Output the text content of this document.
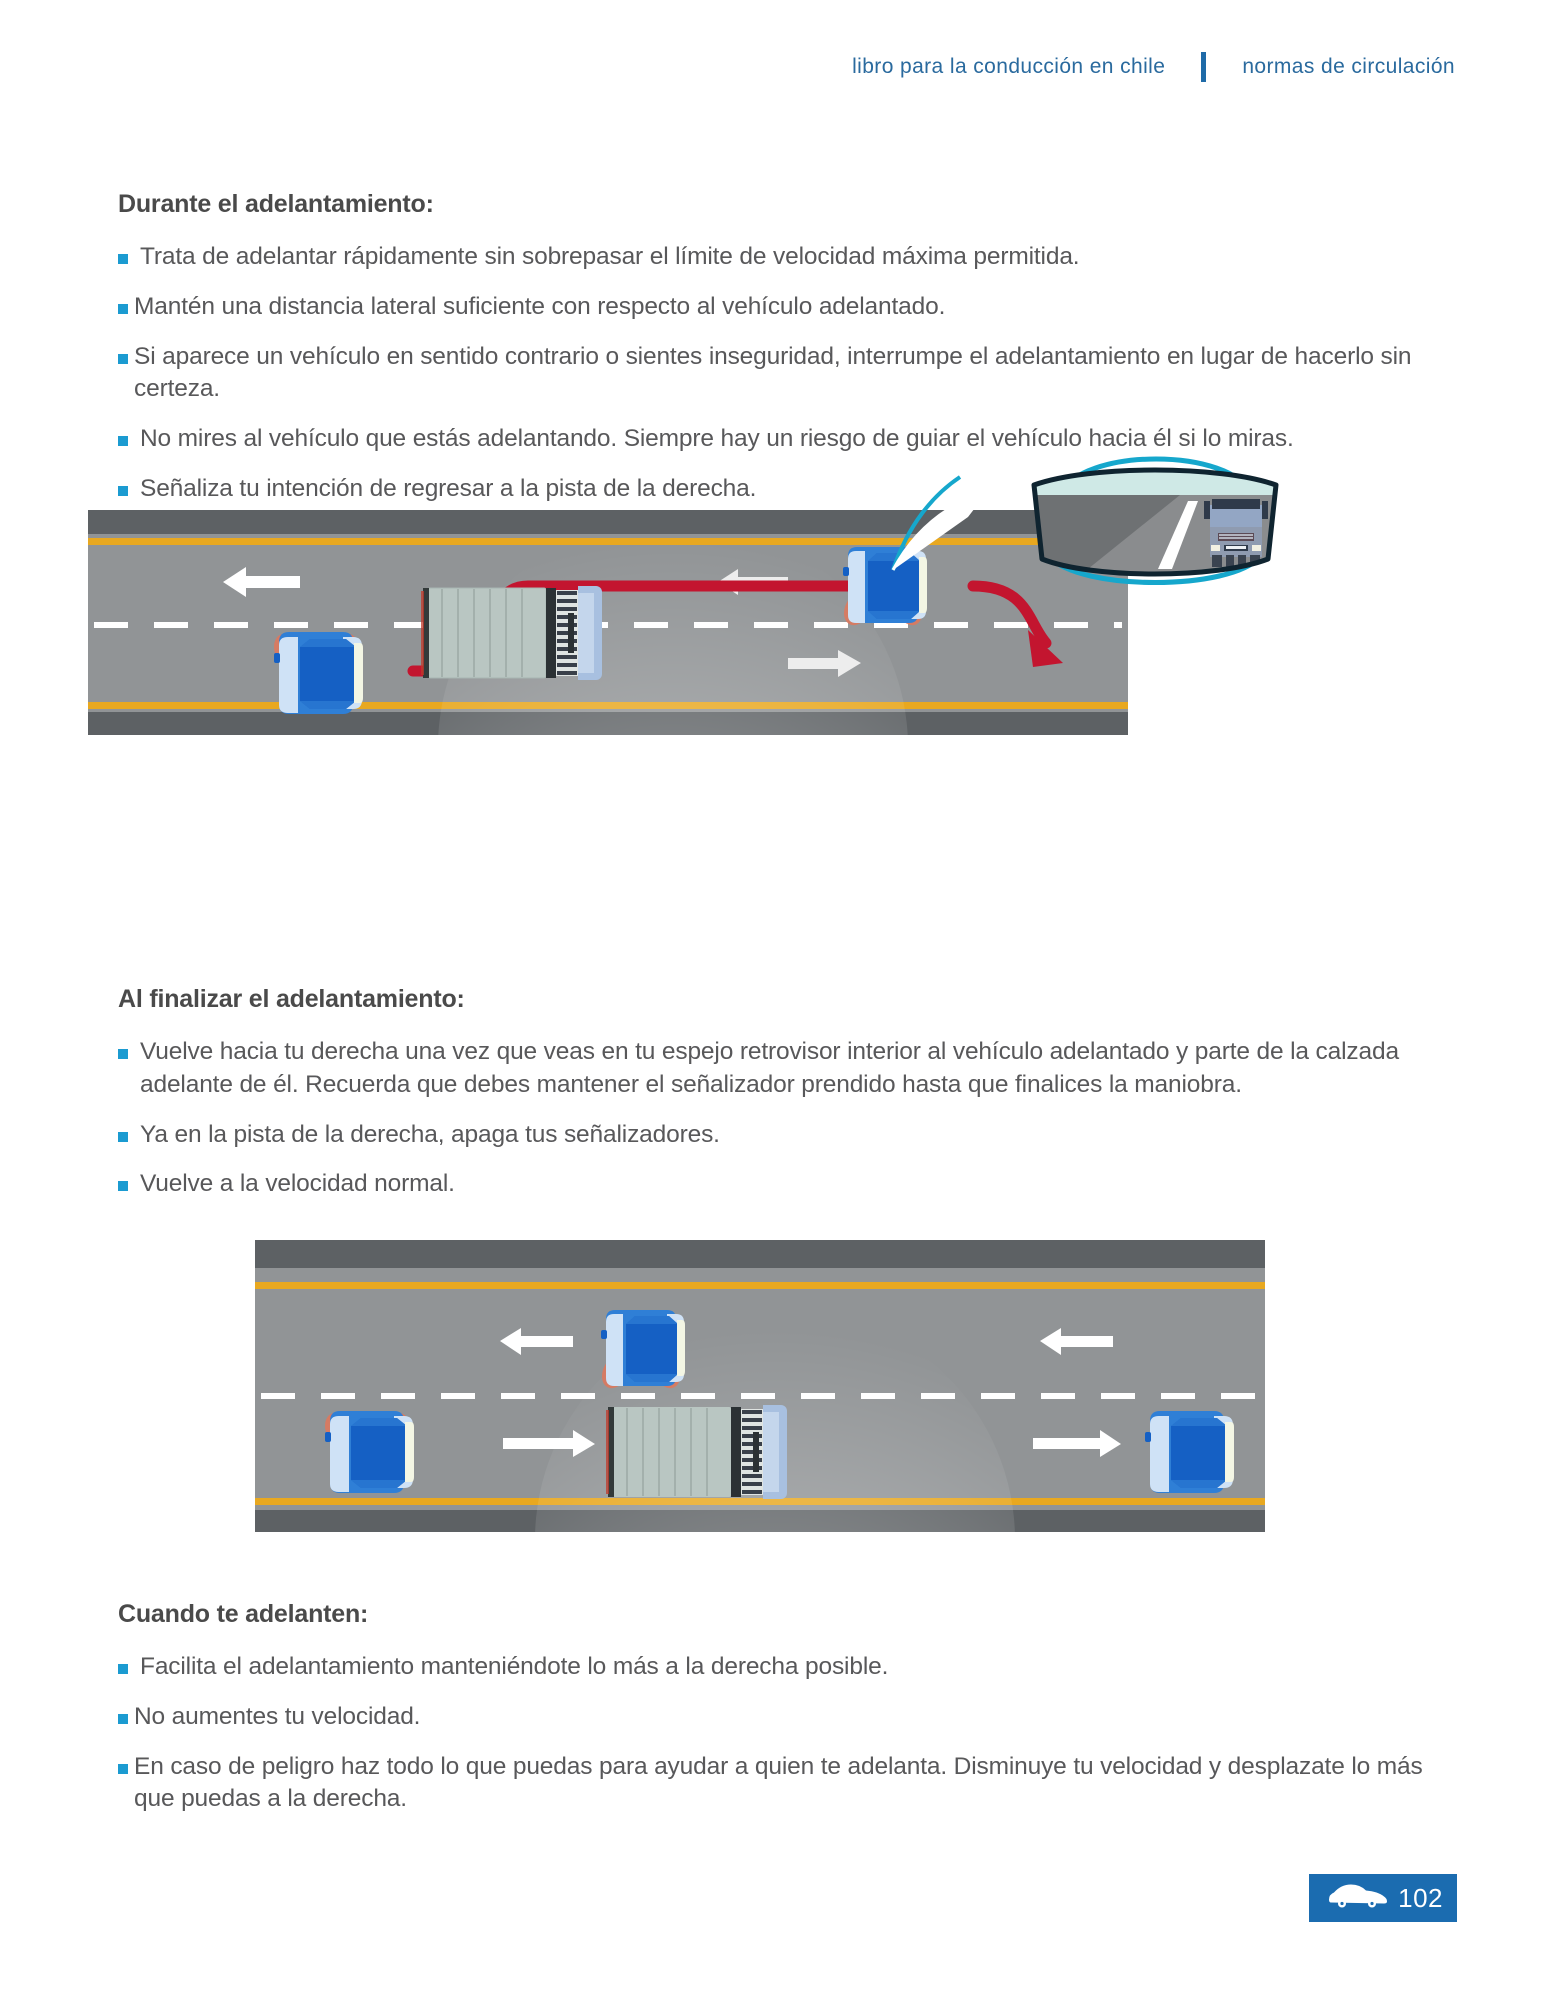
libro para la conducción en chile	normas de circulación
Durante el adelantamiento:
Trata de adelantar rápidamente sin sobrepasar el límite de velocidad máxima permitida.
Mantén una distancia lateral suficiente con respecto al vehículo adelantado.
Si aparece un vehículo en sentido contrario o sientes inseguridad, interrumpe el adelantamiento en lugar de hacerlo sin certeza.
No mires al vehículo que estás adelantando. Siempre hay un riesgo de guiar el vehículo hacia él si lo miras.
Señaliza tu intención de regresar a la pista de la derecha.
Al finalizar el adelantamiento:
Vuelve hacia tu derecha una vez que veas en tu espejo retrovisor interior al vehículo adelantado y parte de la calzada adelante de él. Recuerda que debes mantener el señalizador prendido hasta que finalices la maniobra.
Ya en la pista de la derecha, apaga tus señalizadores.
Vuelve a la velocidad normal.
Cuando te adelanten:
Facilita el adelantamiento manteniéndote lo más a la derecha posible.
No aumentes tu velocidad.
En caso de peligro haz todo lo que puedas para ayudar a quien te adelanta. Disminuye tu velocidad y desplazate lo más que puedas a la derecha.
102
